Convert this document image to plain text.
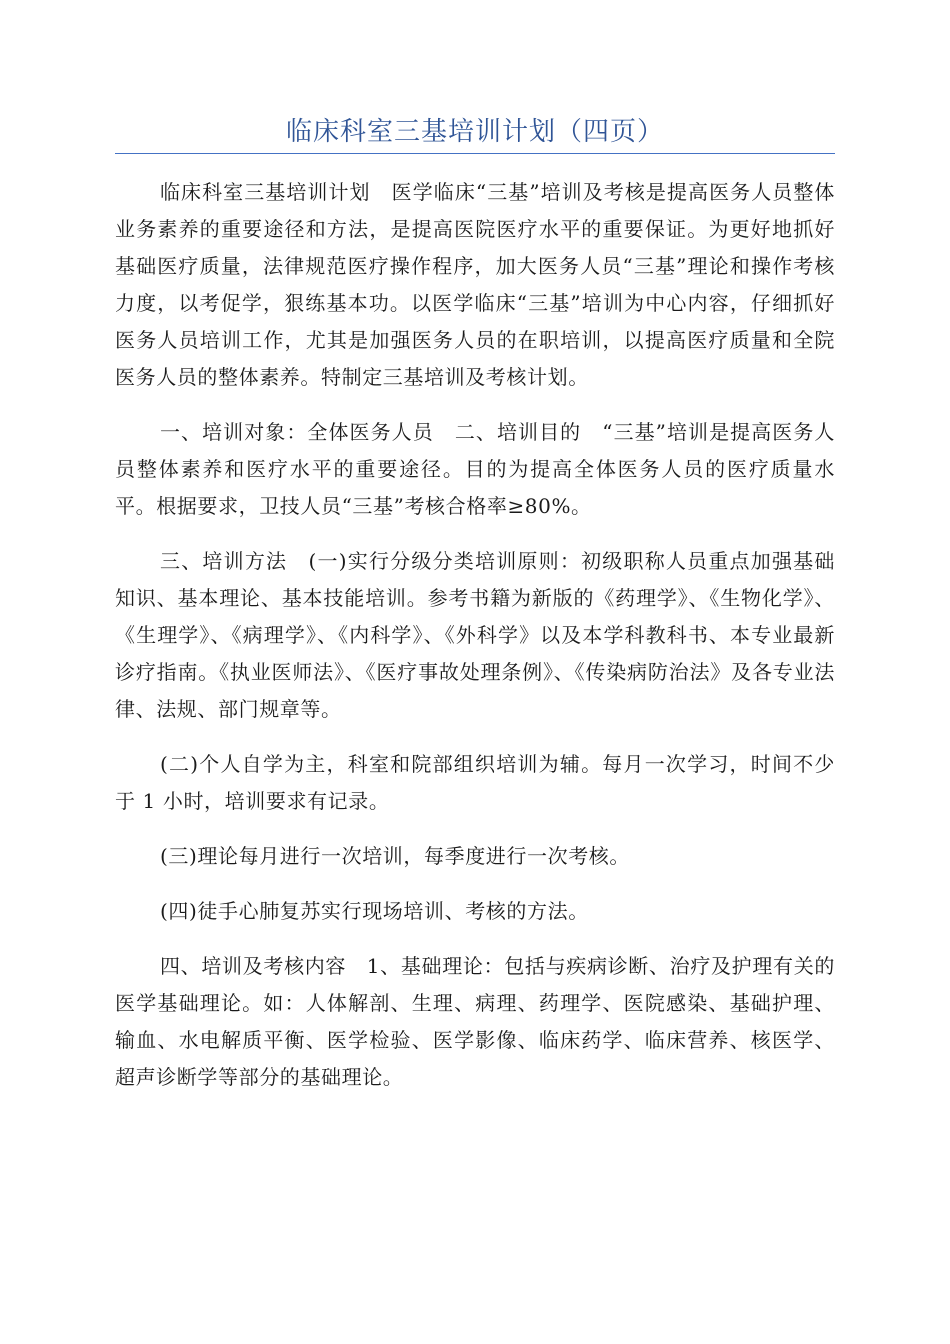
临床科室三基培训计划（四页）

临床科室三基培训计划　医学临床“三基”培训及考核是提高医务人员整体业务素养的重要途径和方法，是提高医院医疗水平的重要保证。为更好地抓好基础医疗质量，法律规范医疗操作程序，加大医务人员“三基”理论和操作考核力度，以考促学，狠练基本功。以医学临床“三基”培训为中心内容，仔细抓好医务人员培训工作，尤其是加强医务人员的在职培训，以提高医疗质量和全院医务人员的整体素养。特制定三基培训及考核计划。

一、培训对象：全体医务人员　二、培训目的　“三基”培训是提高医务人员整体素养和医疗水平的重要途径。目的为提高全体医务人员的医疗质量水平。根据要求，卫技人员“三基”考核合格率≥80%。

三、培训方法　(一)实行分级分类培训原则：初级职称人员重点加强基础知识、基本理论、基本技能培训。参考书籍为新版的《药理学》、《生物化学》、《生理学》、《病理学》、《内科学》、《外科学》以及本学科教科书、本专业最新诊疗指南。《执业医师法》、《医疗事故处理条例》、《传染病防治法》及各专业法律、法规、部门规章等。

(二)个人自学为主，科室和院部组织培训为辅。每月一次学习，时间不少于 1 小时，培训要求有记录。

(三)理论每月进行一次培训，每季度进行一次考核。

(四)徒手心肺复苏实行现场培训、考核的方法。

四、培训及考核内容　1、基础理论：包括与疾病诊断、治疗及护理有关的医学基础理论。如：人体解剖、生理、病理、药理学、医院感染、基础护理、输血、水电解质平衡、医学检验、医学影像、临床药学、临床营养、核医学、超声诊断学等部分的基础理论。
